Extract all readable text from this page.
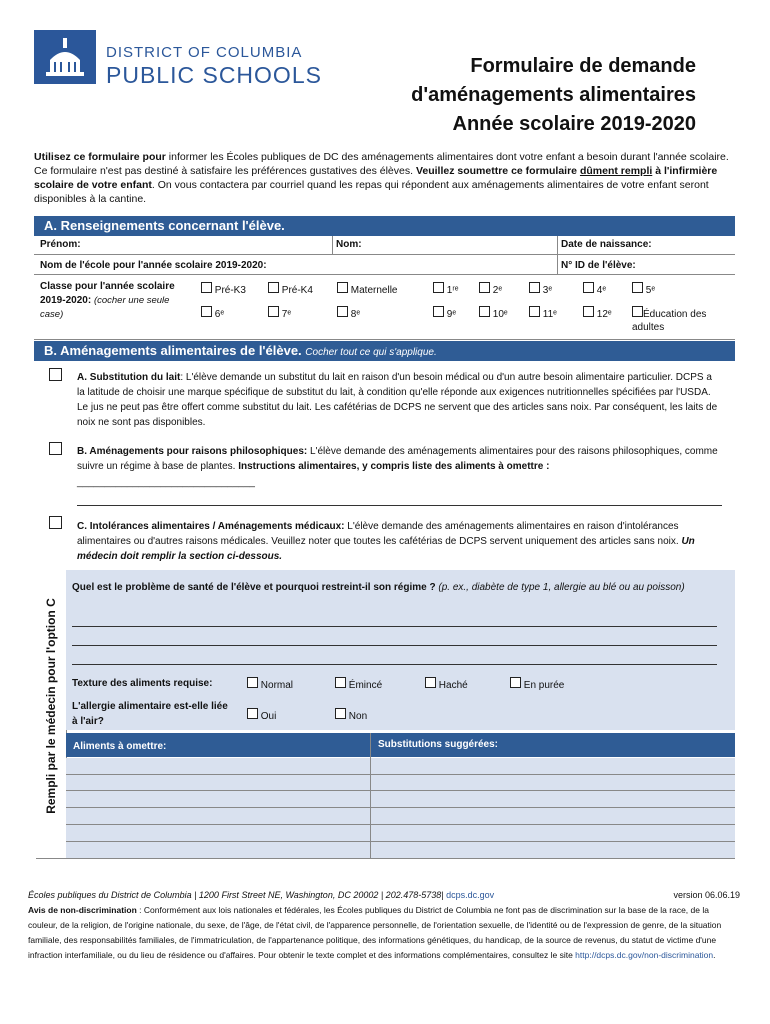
DISTRICT OF COLUMBIA
PUBLIC SCHOOLS	Formulaire de demande
d'aménagements alimentaires
Année scolaire 2019-2020
Utilisez ce formulaire pour informer les Écoles publiques de DC des aménagements alimentaires dont votre enfant a besoin durant l'année scolaire. Ce formulaire n'est pas destiné à satisfaire les préférences gustatives des élèves. Veuillez soumettre ce formulaire dûment rempli à l'infirmière scolaire de votre enfant. On vous contactera par courriel quand les repas qui répondent aux aménagements alimentaires de votre enfant seront disponibles à la cantine.
A. Renseignements concernant l'élève.
Prénom:	Nom:	Date de naissance:
Nom de l'école pour l'année scolaire 2019-2020:	N° ID de l'élève:
Classe pour l'année scolaire 2019-2020: (cocher une seule case)
Pré-K3	Pré-K4	Maternelle	1ʳᵉ	2ᵉ	3ᵉ	4ᵉ	5ᵉ
6ᵉ	7ᵉ	8ᵉ	9ᵉ	10ᵉ	11ᵉ	12ᵉ	Éducation des adultes
B. Aménagements alimentaires de l'élève. Cocher tout ce qui s'applique.
A. Substitution du lait: L'élève demande un substitut du lait en raison d'un besoin médical ou d'un autre besoin alimentaire particulier. DCPS a la latitude de choisir une marque spécifique de substitut du lait, à condition qu'elle réponde aux exigences nutritionnelles spécifiées par l'USDA. Le jus ne peut pas être offert comme substitut du lait. Les cafétérias de DCPS ne servent que des articles sans noix. Par conséquent, les laits de noix ne sont pas disponibles.
B. Aménagements pour raisons philosophiques: L'élève demande des aménagements alimentaires pour des raisons philosophiques, comme suivre un régime à base de plantes. Instructions alimentaires, y compris liste des aliments à omettre :
________________________________
C. Intolérances alimentaires / Aménagements médicaux: L'élève demande des aménagements alimentaires en raison d'intolérances alimentaires ou d'autres raisons médicales. Veuillez noter que toutes les cafétérias de DCPS servent uniquement des articles sans noix. Un médecin doit remplir la section ci-dessous.
Rempli par le médecin pour l'option C
Quel est le problème de santé de l'élève et pourquoi restreint-il son régime ? (p. ex., diabète de type 1, allergie au blé ou au poisson)
Texture des aliments requise:	Normal	Émincé	Haché	En purée
L'allergie alimentaire est-elle liée à l'air?	Oui	Non
Aliments à omettre:	Substitutions suggérées:
Écoles publiques du District de Columbia | 1200 First Street NE, Washington, DC 20002 | 202.478-5738| dcps.dc.gov	version 06.06.19
Avis de non-discrimination : Conformément aux lois nationales et fédérales, les Écoles publiques du District de Columbia ne font pas de discrimination sur la base de la race, de la couleur, de la religion, de l'origine nationale, du sexe, de l'âge, de l'état civil, de l'apparence personnelle, de l'orientation sexuelle, de l'identité ou de l'expression de genre, de la situation familiale, des responsabilités familiales, de l'immatriculation, de l'appartenance politique, des informations génétiques, du handicap, de la source de revenus, du statut de victime d'une infraction interfamiliale, ou du lieu de résidence ou d'affaires. Pour obtenir le texte complet et des informations complémentaires, consultez le site http://dcps.dc.gov/non-discrimination.
